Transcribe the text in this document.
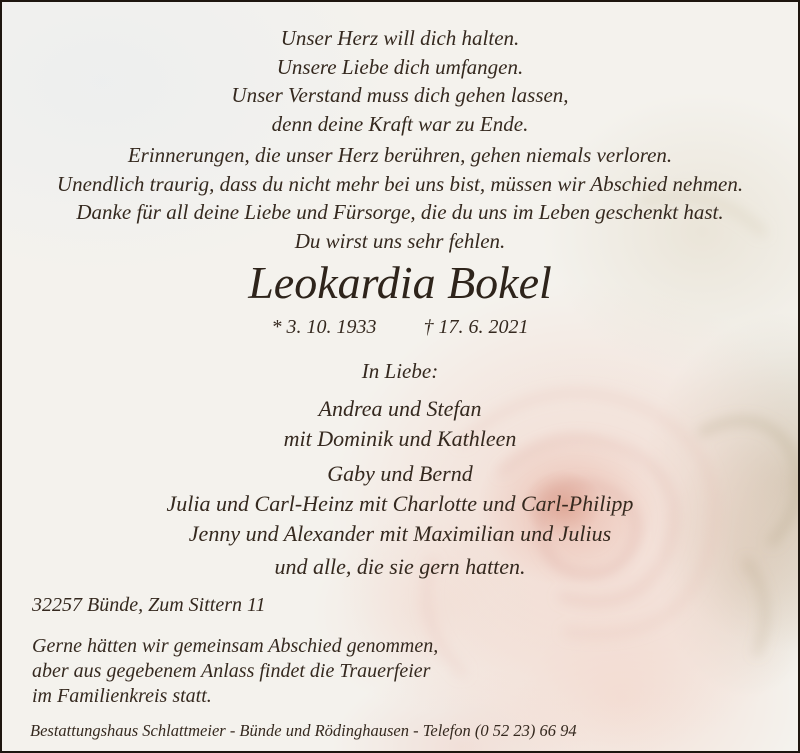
Unser Herz will dich halten.
Unsere Liebe dich umfangen.
Unser Verstand muss dich gehen lassen,
denn deine Kraft war zu Ende.
Erinnerungen, die unser Herz berühren, gehen niemals verloren.
Unendlich traurig, dass du nicht mehr bei uns bist, müssen wir Abschied nehmen.
Danke für all deine Liebe und Fürsorge, die du uns im Leben geschenkt hast.
Du wirst uns sehr fehlen.
Leokardia Bokel
* 3. 10. 1933 † 17. 6. 2021
In Liebe:
Andrea und Stefan
mit Dominik und Kathleen
Gaby und Bernd
Julia und Carl-Heinz mit Charlotte und Carl-Philipp
Jenny und Alexander mit Maximilian und Julius
und alle, die sie gern hatten.
32257 Bünde, Zum Sittern 11
Gerne hätten wir gemeinsam Abschied genommen,
aber aus gegebenem Anlass findet die Trauerfeier
im Familienkreis statt.
Bestattungshaus Schlattmeier - Bünde und Rödinghausen - Telefon (0 52 23) 66 94
